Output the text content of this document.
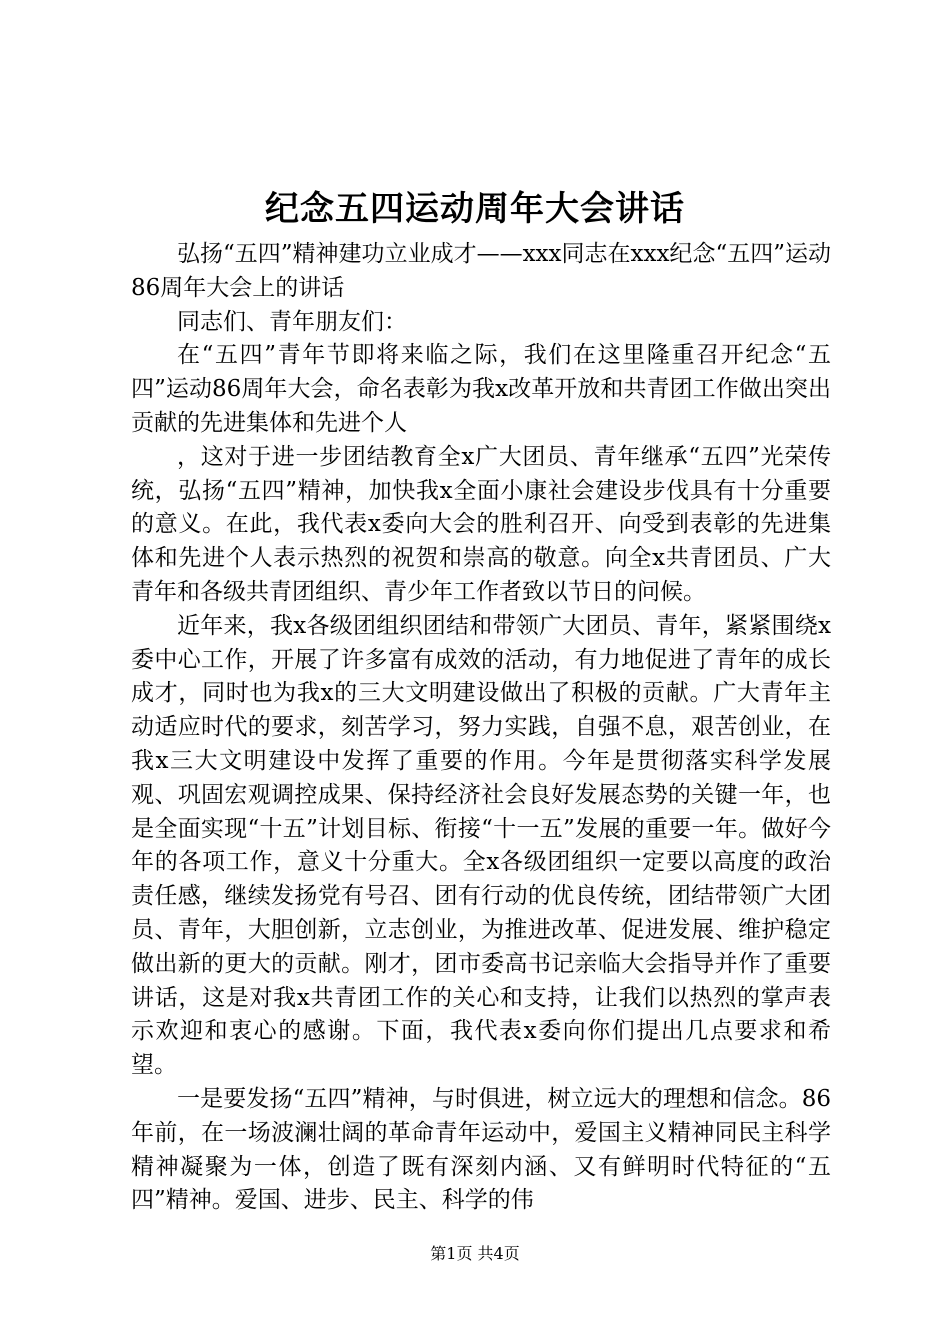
纪念五四运动周年大会讲话

弘扬“五四”精神建功立业成才——xxx同志在xxx纪念“五四”运动86周年大会上的讲话

同志们、青年朋友们：

在“五四”青年节即将来临之际，我们在这里隆重召开纪念“五四”运动86周年大会，命名表彰为我x改革开放和共青团工作做出突出贡献的先进集体和先进个人

，这对于进一步团结教育全x广大团员、青年继承“五四”光荣传统，弘扬“五四”精神，加快我x全面小康社会建设步伐具有十分重要的意义。在此，我代表x委向大会的胜利召开、向受到表彰的先进集体和先进个人表示热烈的祝贺和崇高的敬意。向全x共青团员、广大青年和各级共青团组织、青少年工作者致以节日的问候。

近年来，我x各级团组织团结和带领广大团员、青年，紧紧围绕x委中心工作，开展了许多富有成效的活动，有力地促进了青年的成长成才，同时也为我x的三大文明建设做出了积极的贡献。广大青年主动适应时代的要求，刻苦学习，努力实践，自强不息，艰苦创业，在我x三大文明建设中发挥了重要的作用。今年是贯彻落实科学发展观、巩固宏观调控成果、保持经济社会良好发展态势的关键一年，也是全面实现“十五”计划目标、衔接“十一五”发展的重要一年。做好今年的各项工作，意义十分重大。全x各级团组织一定要以高度的政治责任感，继续发扬党有号召、团有行动的优良传统，团结带领广大团员、青年，大胆创新，立志创业，为推进改革、促进发展、维护稳定做出新的更大的贡献。刚才，团市委高书记亲临大会指导并作了重要讲话，这是对我x共青团工作的关心和支持，让我们以热烈的掌声表示欢迎和衷心的感谢。下面，我代表x委向你们提出几点要求和希望。

一是要发扬“五四”精神，与时俱进，树立远大的理想和信念。86年前，在一场波澜壮阔的革命青年运动中，爱国主义精神同民主科学精神凝聚为一体，创造了既有深刻内涵、又有鲜明时代特征的“五四”精神。爱国、进步、民主、科学的伟

第1页 共4页
